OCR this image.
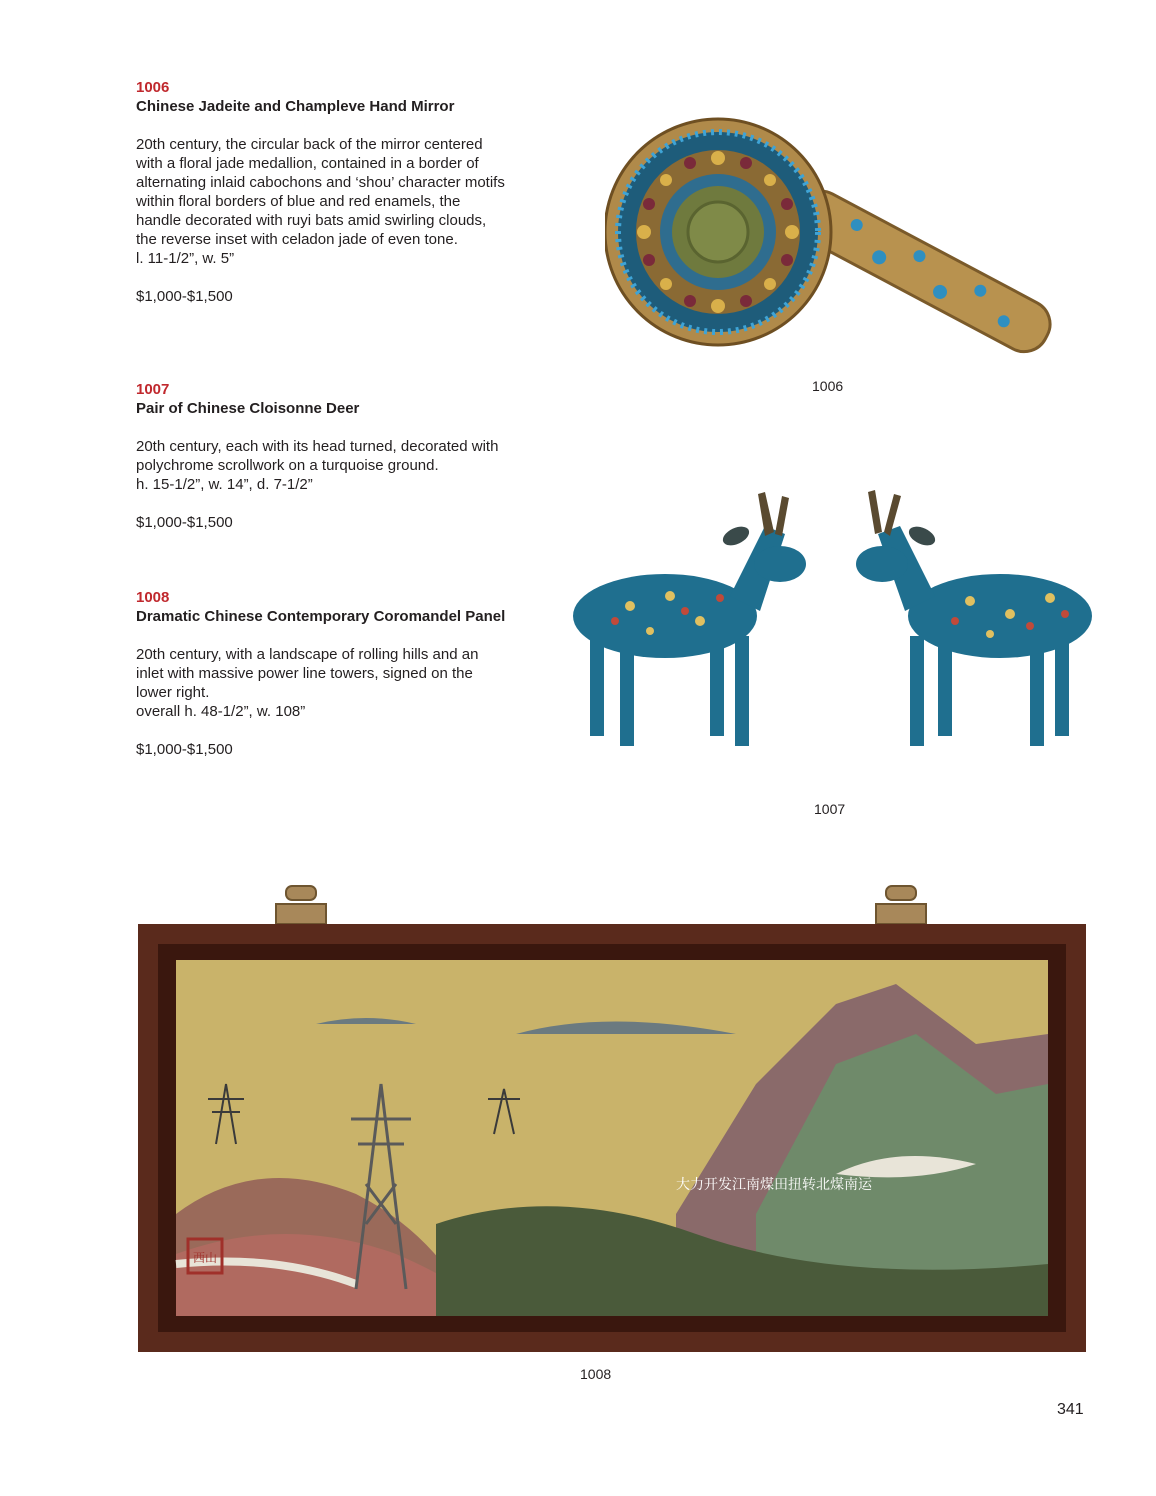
1006
Chinese Jadeite and Champleve Hand Mirror
20th century, the circular back of the mirror centered with a floral jade medallion, contained in a border of alternating inlaid cabochons and ‘shou’ character motifs within floral borders of blue and red enamels, the handle decorated with ruyi bats amid swirling clouds, the reverse inset with celadon jade of even tone.
l. 11-1/2”, w. 5”
$1,000-$1,500
1007
Pair of Chinese Cloisonne Deer
20th century, each with its head turned, decorated with polychrome scrollwork on a turquoise ground.
h. 15-1/2”, w. 14”, d. 7-1/2”
$1,000-$1,500
1008
Dramatic Chinese Contemporary Coromandel Panel
20th century, with a landscape of rolling hills and an inlet with massive power line towers, signed on the lower right.
overall h. 48-1/2”, w. 108”
$1,000-$1,500
1006
1007
大力开发江南煤田扭转北煤南运
西山
1008
341
